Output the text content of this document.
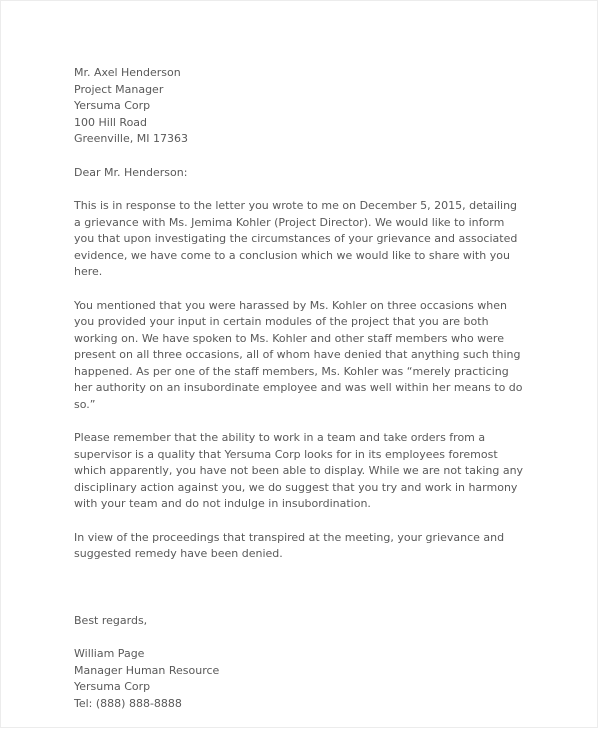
Mr. Axel Henderson

Project Manager

Yersuma Corp

100 Hill Road

Greenville, MI 17363

Dear Mr. Henderson:

This is in response to the letter you wrote to me on December 5, 2015, detailing a grievance with Ms. Jemima Kohler (Project Director). We would like to inform you that upon investigating the circumstances of your grievance and associated evidence, we have come to a conclusion which we would like to share with you here.

You mentioned that you were harassed by Ms. Kohler on three occasions when you provided your input in certain modules of the project that you are both working on. We have spoken to Ms. Kohler and other staff members who were present on all three occasions, all of whom have denied that anything such thing happened. As per one of the staff members, Ms. Kohler was “merely practicing her authority on an insubordinate employee and was well within her means to do so.”

Please remember that the ability to work in a team and take orders from a supervisor is a quality that Yersuma Corp looks for in its employees foremost which apparently, you have not been able to display. While we are not taking any disciplinary action against you, we do suggest that you try and work in harmony with your team and do not indulge in insubordination.

In view of the proceedings that transpired at the meeting, your grievance and suggested remedy have been denied.

Best regards,

William Page

Manager Human Resource

Yersuma Corp

Tel: (888) 888-8888
